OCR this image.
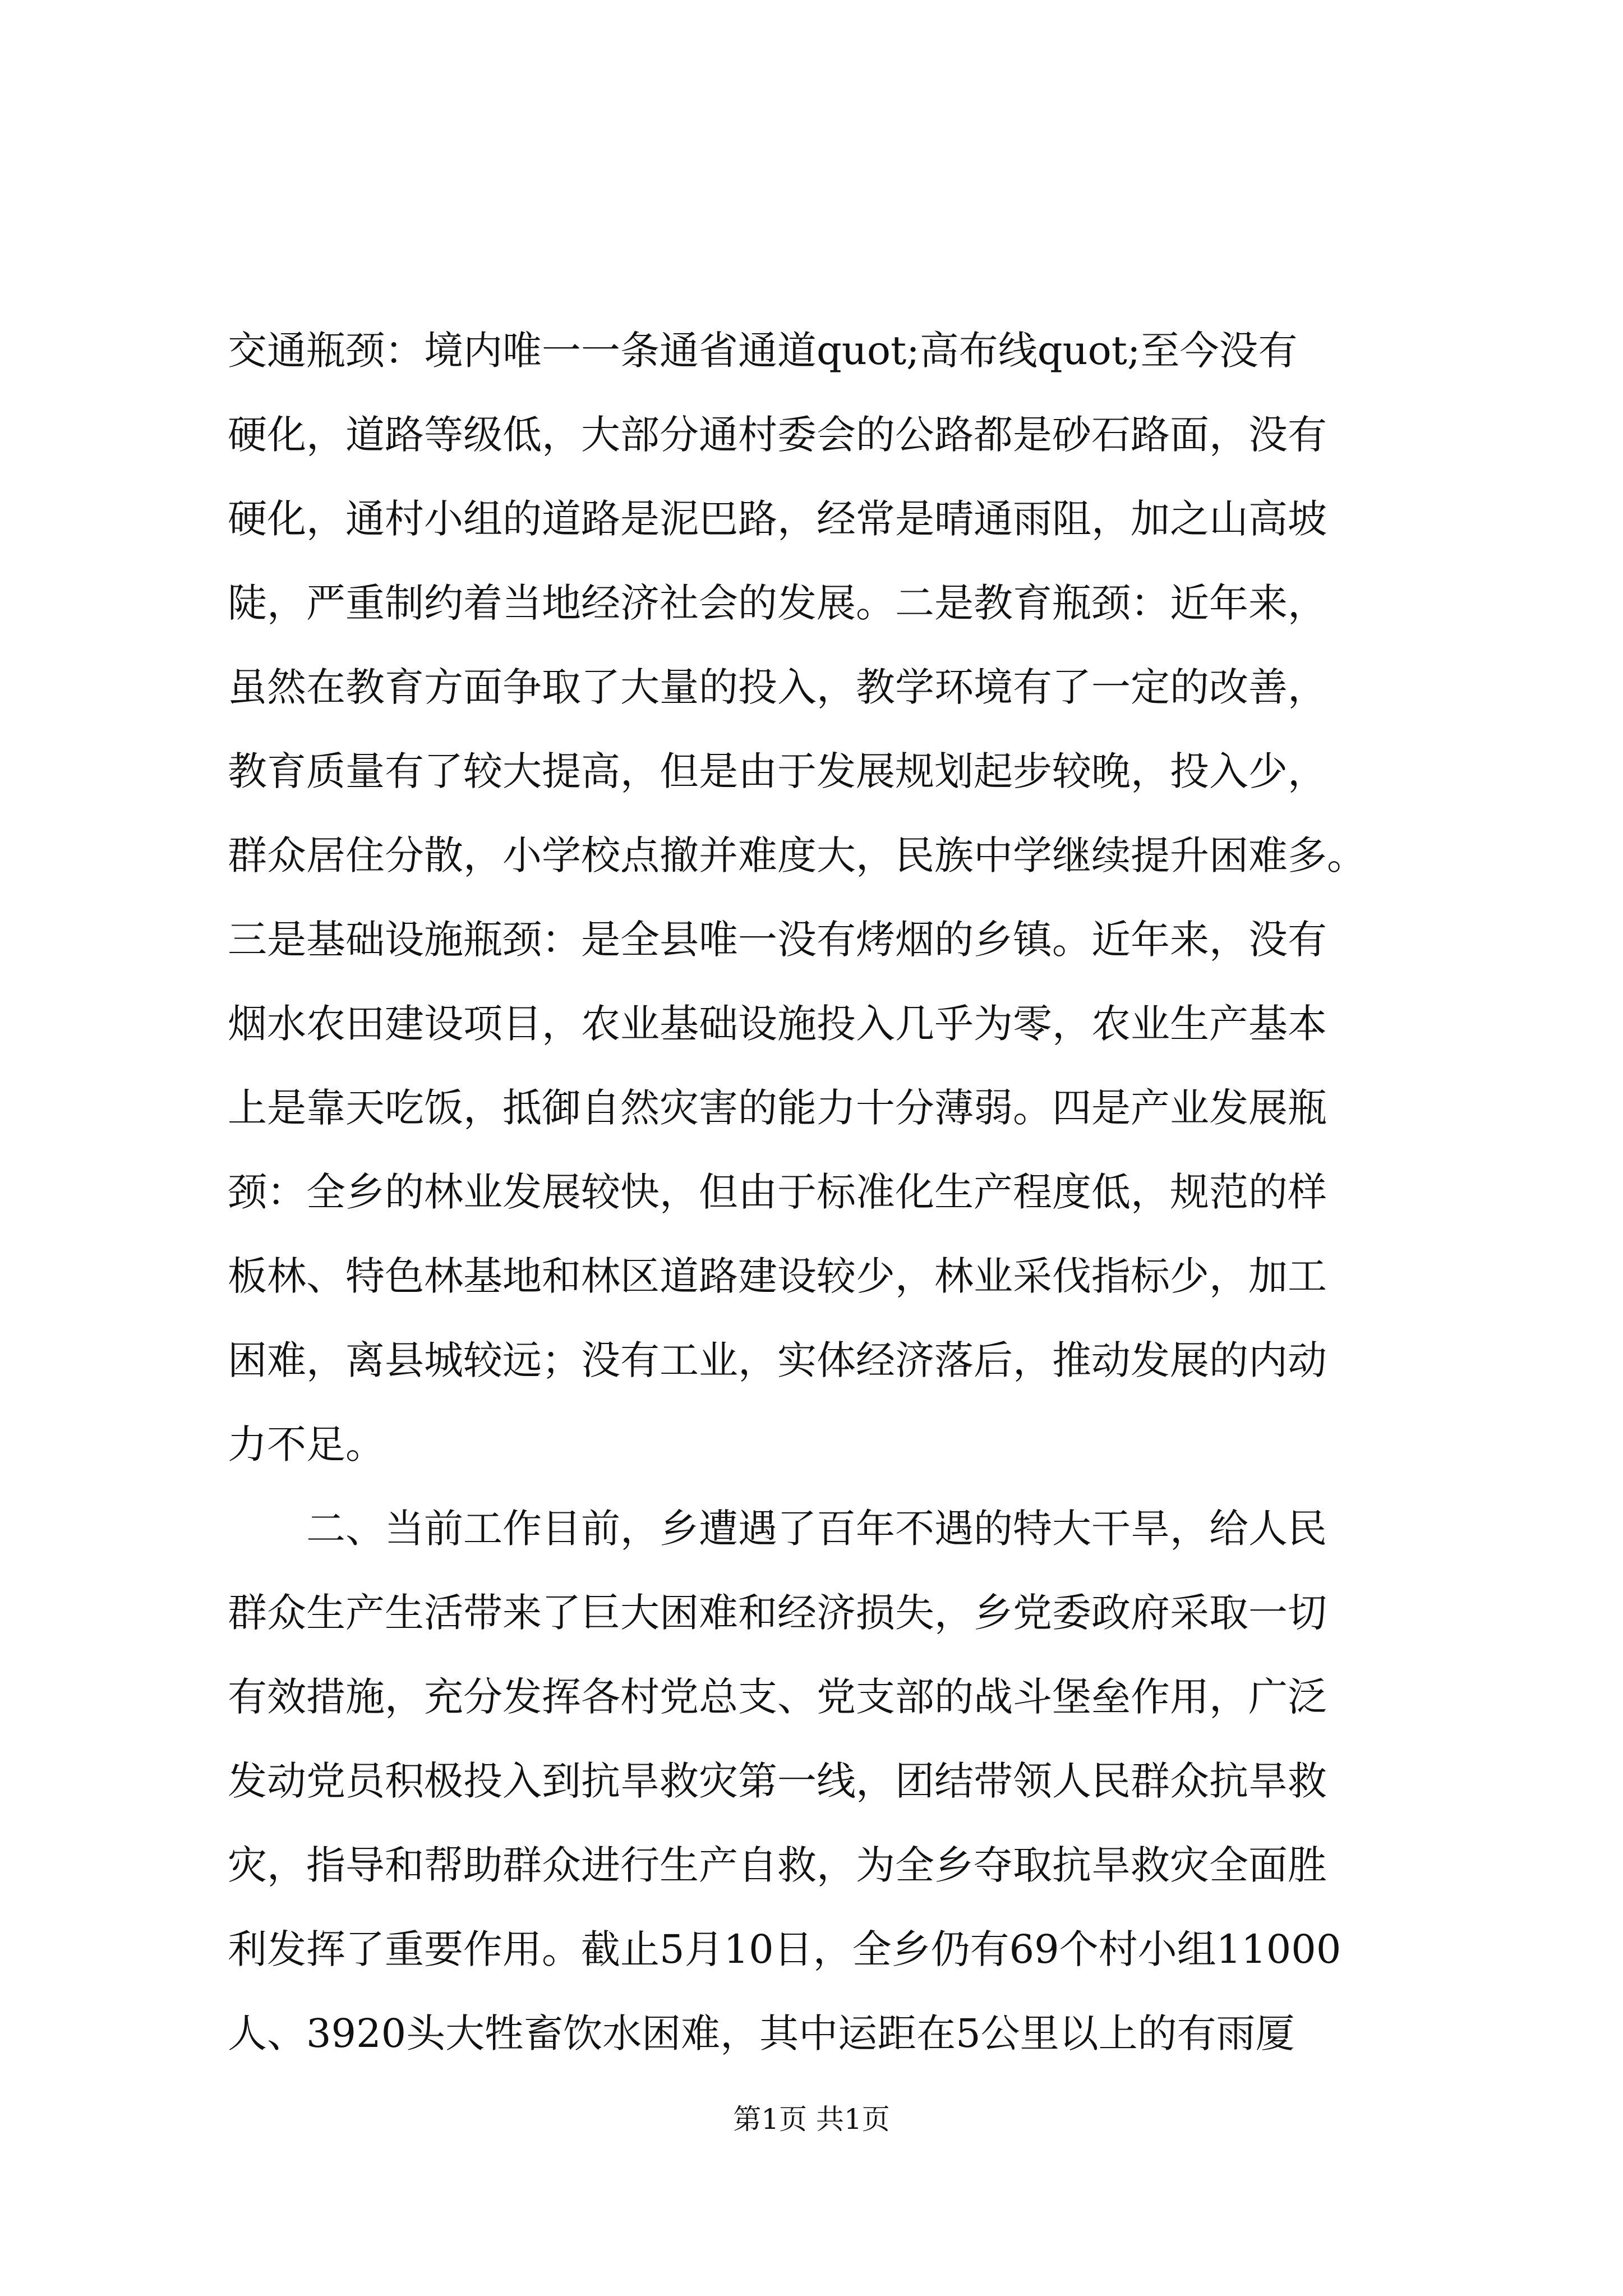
交通瓶颈：境内唯一一条通省通道quot;高布线quot;至今没有
硬化，道路等级低，大部分通村委会的公路都是砂石路面，没有
硬化，通村小组的道路是泥巴路，经常是晴通雨阻，加之山高坡
陡，严重制约着当地经济社会的发展。二是教育瓶颈：近年来，
虽然在教育方面争取了大量的投入，教学环境有了一定的改善，
教育质量有了较大提高，但是由于发展规划起步较晚，投入少，
群众居住分散，小学校点撤并难度大，民族中学继续提升困难多。
三是基础设施瓶颈：是全县唯一没有烤烟的乡镇。近年来，没有
烟水农田建设项目，农业基础设施投入几乎为零，农业生产基本
上是靠天吃饭，抵御自然灾害的能力十分薄弱。四是产业发展瓶
颈：全乡的林业发展较快，但由于标准化生产程度低，规范的样
板林、特色林基地和林区道路建设较少，林业采伐指标少，加工
困难，离县城较远；没有工业，实体经济落后，推动发展的内动
力不足。
　　二、当前工作目前，乡遭遇了百年不遇的特大干旱，给人民
群众生产生活带来了巨大困难和经济损失，乡党委政府采取一切
有效措施，充分发挥各村党总支、党支部的战斗堡垒作用，广泛
发动党员积极投入到抗旱救灾第一线，团结带领人民群众抗旱救
灾，指导和帮助群众进行生产自救，为全乡夺取抗旱救灾全面胜
利发挥了重要作用。截止5月10日，全乡仍有69个村小组11000
人、3920头大牲畜饮水困难，其中运距在5公里以上的有雨厦
第1页 共1页
